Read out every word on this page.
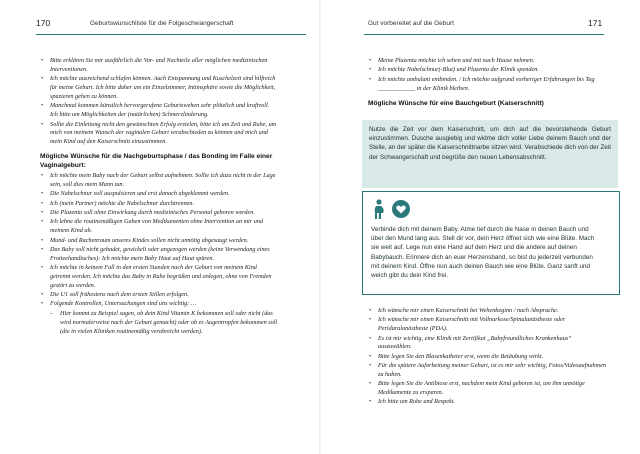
170	Geburtswunschliste für die Folgeschwangerschaft
• Bitte erklären Sie mir ausführlich die Vor- und Nachteile aller möglichen medizinischen Interventionen.
• Ich möchte ausreichend schlafen können. Auch Entspannung und Kuschelzeit sind hilfreich für meine Geburt. Ich bitte daher um ein Einzelzimmer, Intimsphäre sowie die Möglichkeit, spazieren gehen zu können.
• Manchmal kommen künstlich hervorgerufene Geburtswehen sehr plötzlich und kraftvoll. Ich bitte um Möglichkeiten der (natürlichen) Schmerzlinderung.
• Sollte die Einleitung nicht den gewünschten Erfolg erzielen, bitte ich um Zeit und Ruhe, um mich von meinem Wunsch der vaginalen Geburt verabschieden zu können und mich und mein Kind auf den Kaiserschnitt einzustimmen.
Mögliche Wünsche für die Nachgeburtsphase / das Bonding im Falle einer Vaginalgeburt:
• Ich möchte mein Baby nach der Geburt selbst aufnehmen. Sollte ich dazu nicht in der Lage sein, soll dies mein Mann tun.
• Die Nabelschnur soll auspulsieren und erst danach abgeklemmt werden.
• Ich (mein Partner) möchte die Nabelschnur durchtrennen.
• Die Plazenta soll ohne Einwirkung durch medizinisches Personal geboren werden.
• Ich lehne die routinemäßigen Gaben von Medikamenten ohne Intervention an mir und meinem Kind ab.
• Mund- und Rachenraum unseres Kindes sollen nicht unnötig abgesaugt werden.
• Das Baby soll nicht gebadet, gewickelt oder angezogen werden (keine Verwendung eines Frotteehandtuches): Ich möchte mein Baby Haut auf Haut spüren.
• Ich möchte in keinem Fall in den ersten Stunden nach der Geburt von meinem Kind getrennt werden. Ich möchte das Baby in Ruhe begrüßen und anlegen, ohne von Fremden gestört zu werden.
• Die U1 soll frühestens nach dem ersten Stillen erfolgen.
• Folgende Kontrollen, Untersuchungen sind uns wichtig: …
– Hier kommt zu Beispiel sagen, ob dein Kind Vitamin K bekommen soll oder nicht (das wird normalerweise nach der Geburt gemacht) oder ob es Augentropfen bekommen soll (die in vielen Kliniken routinemäßig verabreicht werden).
Gut vorbereitet auf die Geburt	171
• Meine Plazenta möchte ich sehen und mit nach Hause nehmen.
• Ich möchte Nabelschnur(-Blut) und Plazenta der Klinik spenden.
• Ich möchte ambulant entbinden. / Ich möchte aufgrund vorheriger Erfahrungen bis Tag ____________ in der Klinik bleiben.
Mögliche Wünsche für eine Bauchgeburt (Kaiserschnitt)

Nutze die Zeit vor dem Kaiserschnitt, um dich auf die bevorstehende Geburt einzustimmen. Dusche ausgiebig und widme dich voller Liebe deinem Bauch und der Stelle, an der später die Kaiserschnittnarbe sitzen wird. Verabschiede dich von der Zeit der Schwangerschaft und begrüße den neuen Lebensabschnitt.

Verbinde dich mit deinem Baby. Atme tief durch die Nase in deinen Bauch und über den Mund lang aus. Stell dir vor, dein Herz öffnet sich wie eine Blüte. Mach sie weit auf. Lege nun eine Hand auf dein Herz und die andere auf deinen Babybauch. Erinnere dich an euer Herzensband, so bist du jederzeit verbunden mit deinem Kind. Öffne nun auch deinen Bauch wie eine Blüte. Ganz sanft und weich gibt du dein Kind frei.

• Ich wünsche mir einen Kaiserschnitt bei Wehenbeginn / nach Absprache.
• Ich wünsche mir einen Kaiserschnitt mit Vollnarkose/Spinalanästhesie oder Periduralanästhesie (PDA).
• Es ist mir wichtig, eine Klinik mit Zertifikat „Babyfreundliches Krankenhaus“ auszuwählen.
• Bitte legen Sie den Blasenkatheter erst, wenn die Betäubung wirkt.
• Für die spätere Aufarbeitung meiner Geburt, ist es mir sehr wichtig, Fotos/Videoaufnahmen zu haben.
• Bitte legen Sie die Antibiose erst, nachdem mein Kind geboren ist, um ihm unnötige Medikamente zu ersparen.
• Ich bitte um Ruhe und Respekt.
